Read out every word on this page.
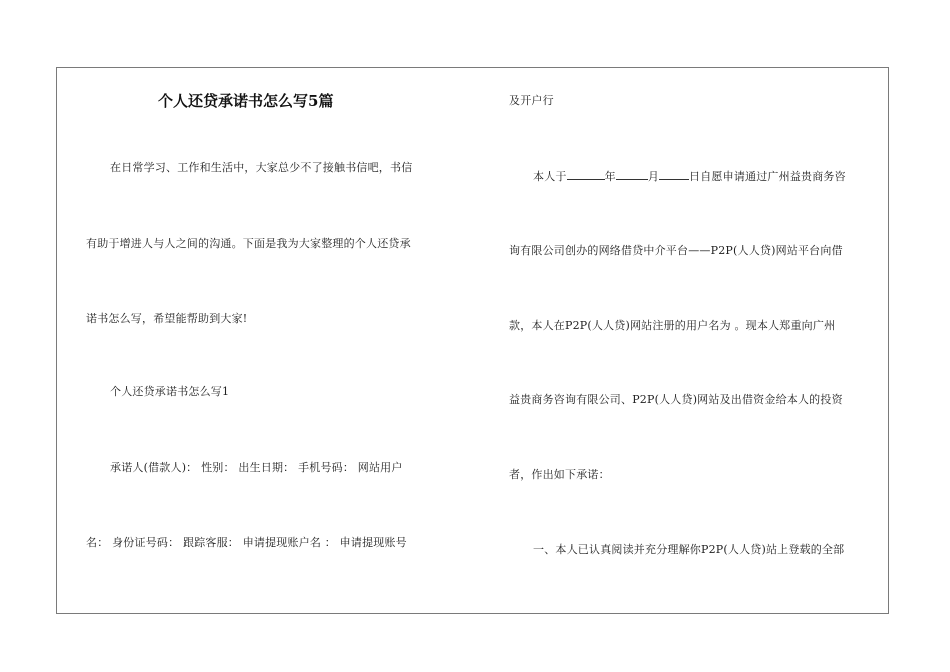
个人还贷承诺书怎么写5篇
在日常学习、工作和生活中，大家总少不了接触书信吧，书信
有助于增进人与人之间的沟通。下面是我为大家整理的个人还贷承
诺书怎么写，希望能帮助到大家!
个人还贷承诺书怎么写1
承诺人(借款人)： 性别： 出生日期： 手机号码： 网站用户
名： 身份证号码： 跟踪客服： 申请提现账户名 ： 申请提现账号
及开户行
本人于	年	月	日自愿申请通过广州益贵商务咨
询有限公司创办的网络借贷中介平台——P2P(人人贷)网站平台向借
款，本人在P2P(人人贷)网站注册的用户名为 。现本人郑重向广州
益贵商务咨询有限公司、P2P(人人贷)网站及出借资金给本人的投资
者，作出如下承诺：
一、本人已认真阅读并充分理解你P2P(人人贷)站上登载的全部
